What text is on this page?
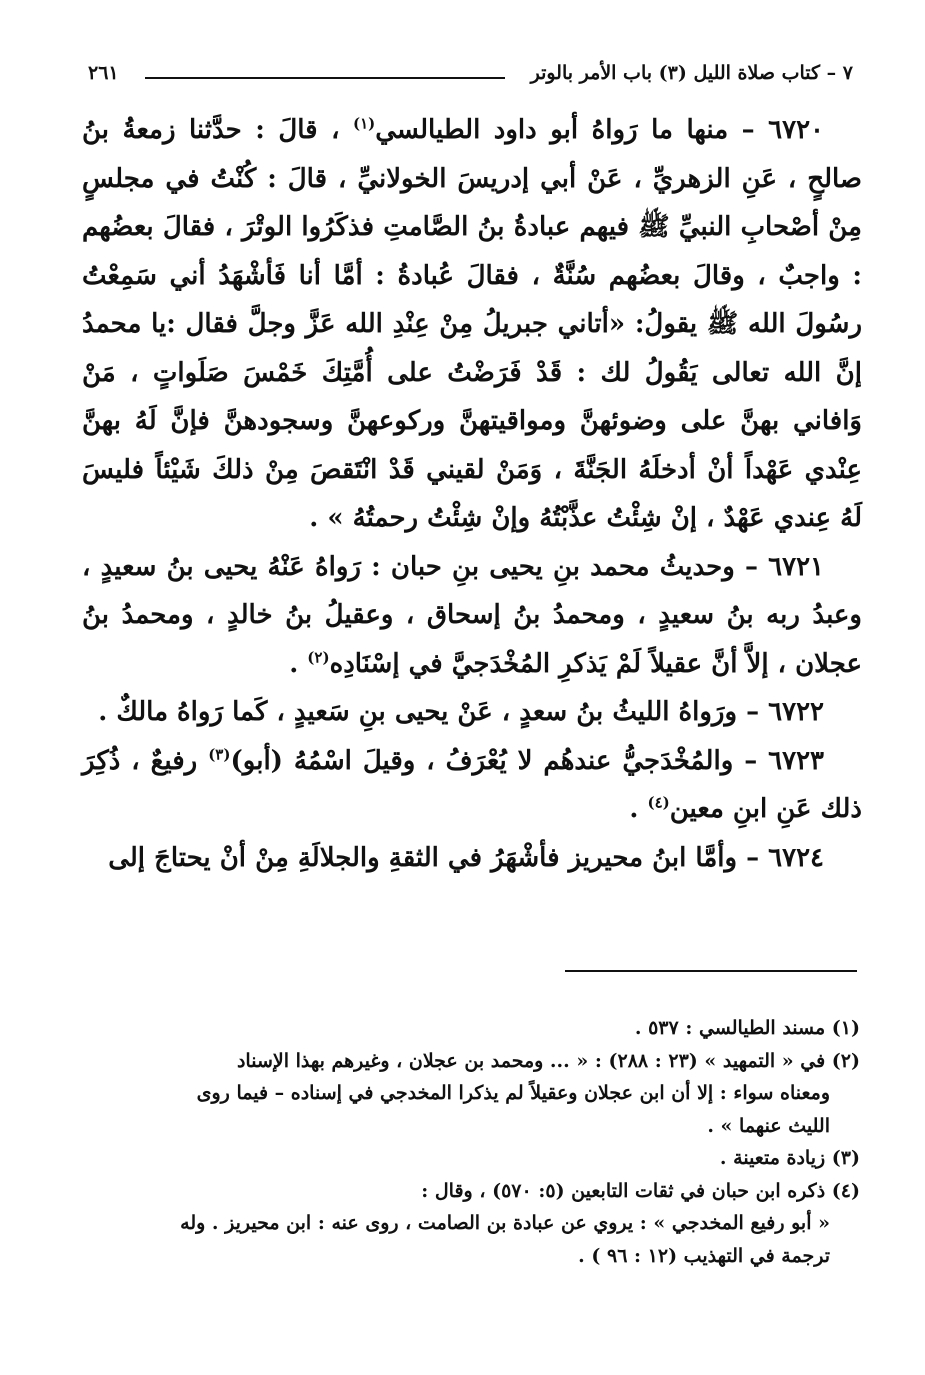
٧ – كتاب صلاة الليل (٣) باب الأمر بالوتر
٢٦١

٦٧٢٠ – منها ما رَواهُ أبو داود الطيالسي$^{(١)}$ ، قالَ : حدَّثنا زمعةُ بنُ صالحٍ ، عَنِ الزهريِّ ، عَنْ أبي إدريسَ الخولانيِّ ، قالَ : كُنْتُ في مجلسٍ مِنْ أصْحابِ النبيِّ ﷺ فيهم عبادةُ بنُ الصَّامتِ فذكَرُوا الوتْرَ ، فقالَ بعضُهم : واجبٌ ، وقالَ بعضُهم سُنَّةٌ ، فقالَ عُبادةُ : أمَّا أنا فَأشْهَدُ أني سَمِعْتُ رسُولَ الله ﷺ يقولُ: «أتاني جبريلُ مِنْ عِنْدِ الله عَزَّ وجلَّ فقال :يا محمدُ إنَّ الله تعالى يَقُولُ لك : قَدْ فَرَضْتُ على أُمَّتِكَ خَمْسَ صَلَواتٍ ، مَنْ وَافاني بهنَّ على وضوئهنَّ ومواقيتهنَّ وركوعهنَّ وسجودهنَّ فإنَّ لَهُ بهنَّ عِنْدي عَهْداً أنْ أدخلَهُ الجَنَّةَ ، وَمَنْ لقيني قَدْ انْتَقصَ مِنْ ذلكَ شَيْئاً فليسَ لَهُ عِندي عَهْدٌ ، إنْ شِئْتُ عذَّبْتُهُ وإنْ شِئْتُ رحمتُهُ » .

٦٧٢١ – وحديثُ محمد بنِ يحيى بنِ حبان : رَواهُ عَنْهُ يحيى بنُ سعيدٍ ، وعبدُ ربه بنُ سعيدٍ ، ومحمدُ بنُ إسحاق ، وعقيلُ بنُ خالدٍ ، ومحمدُ بنُ عجلان ، إلاَّ أنَّ عقيلاً لَمْ يَذكرِ المُخْدَجيَّ في إسْنَادِه$^{(٢)}$ .

٦٧٢٢ – ورَواهُ الليثُ بنُ سعدٍ ، عَنْ يحيى بنِ سَعيدٍ ، كَما رَواهُ مالكٌ .

٦٧٢٣ – والمُخْدَجيُّ عندهُم لا يُعْرَفُ ، وقيلَ اسْمُهُ (أبو)$^{(٣)}$ رفيعٌ ، ذُكِرَ ذلك عَنِ ابنِ معين$^{(٤)}$ .

٦٧٢٤ – وأمَّا ابنُ محيريز فأشْهَرُ في الثقةِ والجلالَةِ مِنْ أنْ يحتاجَ إلى

(١) مسند الطيالسي : ٥٣٧ .

(٢) في « التمهيد » (٢٣ : ٢٨٨) : « ... ومحمد بن عجلان ، وغيرهم بهذا الإسناد

ومعناه سواء : إلا أن ابن عجلان وعقيلاً لم يذكرا المخدجي في إسناده – فيما روى

الليث عنهما » .

(٣) زيادة متعينة .

(٤) ذكره ابن حبان في ثقات التابعين (٥: ٥٧٠) ، وقال :

« أبو رفيع المخدجي » : يروي عن عبادة بن الصامت ، روى عنه : ابن محيريز . وله

ترجمة في التهذيب (١٢ : ٩٦ ) .
